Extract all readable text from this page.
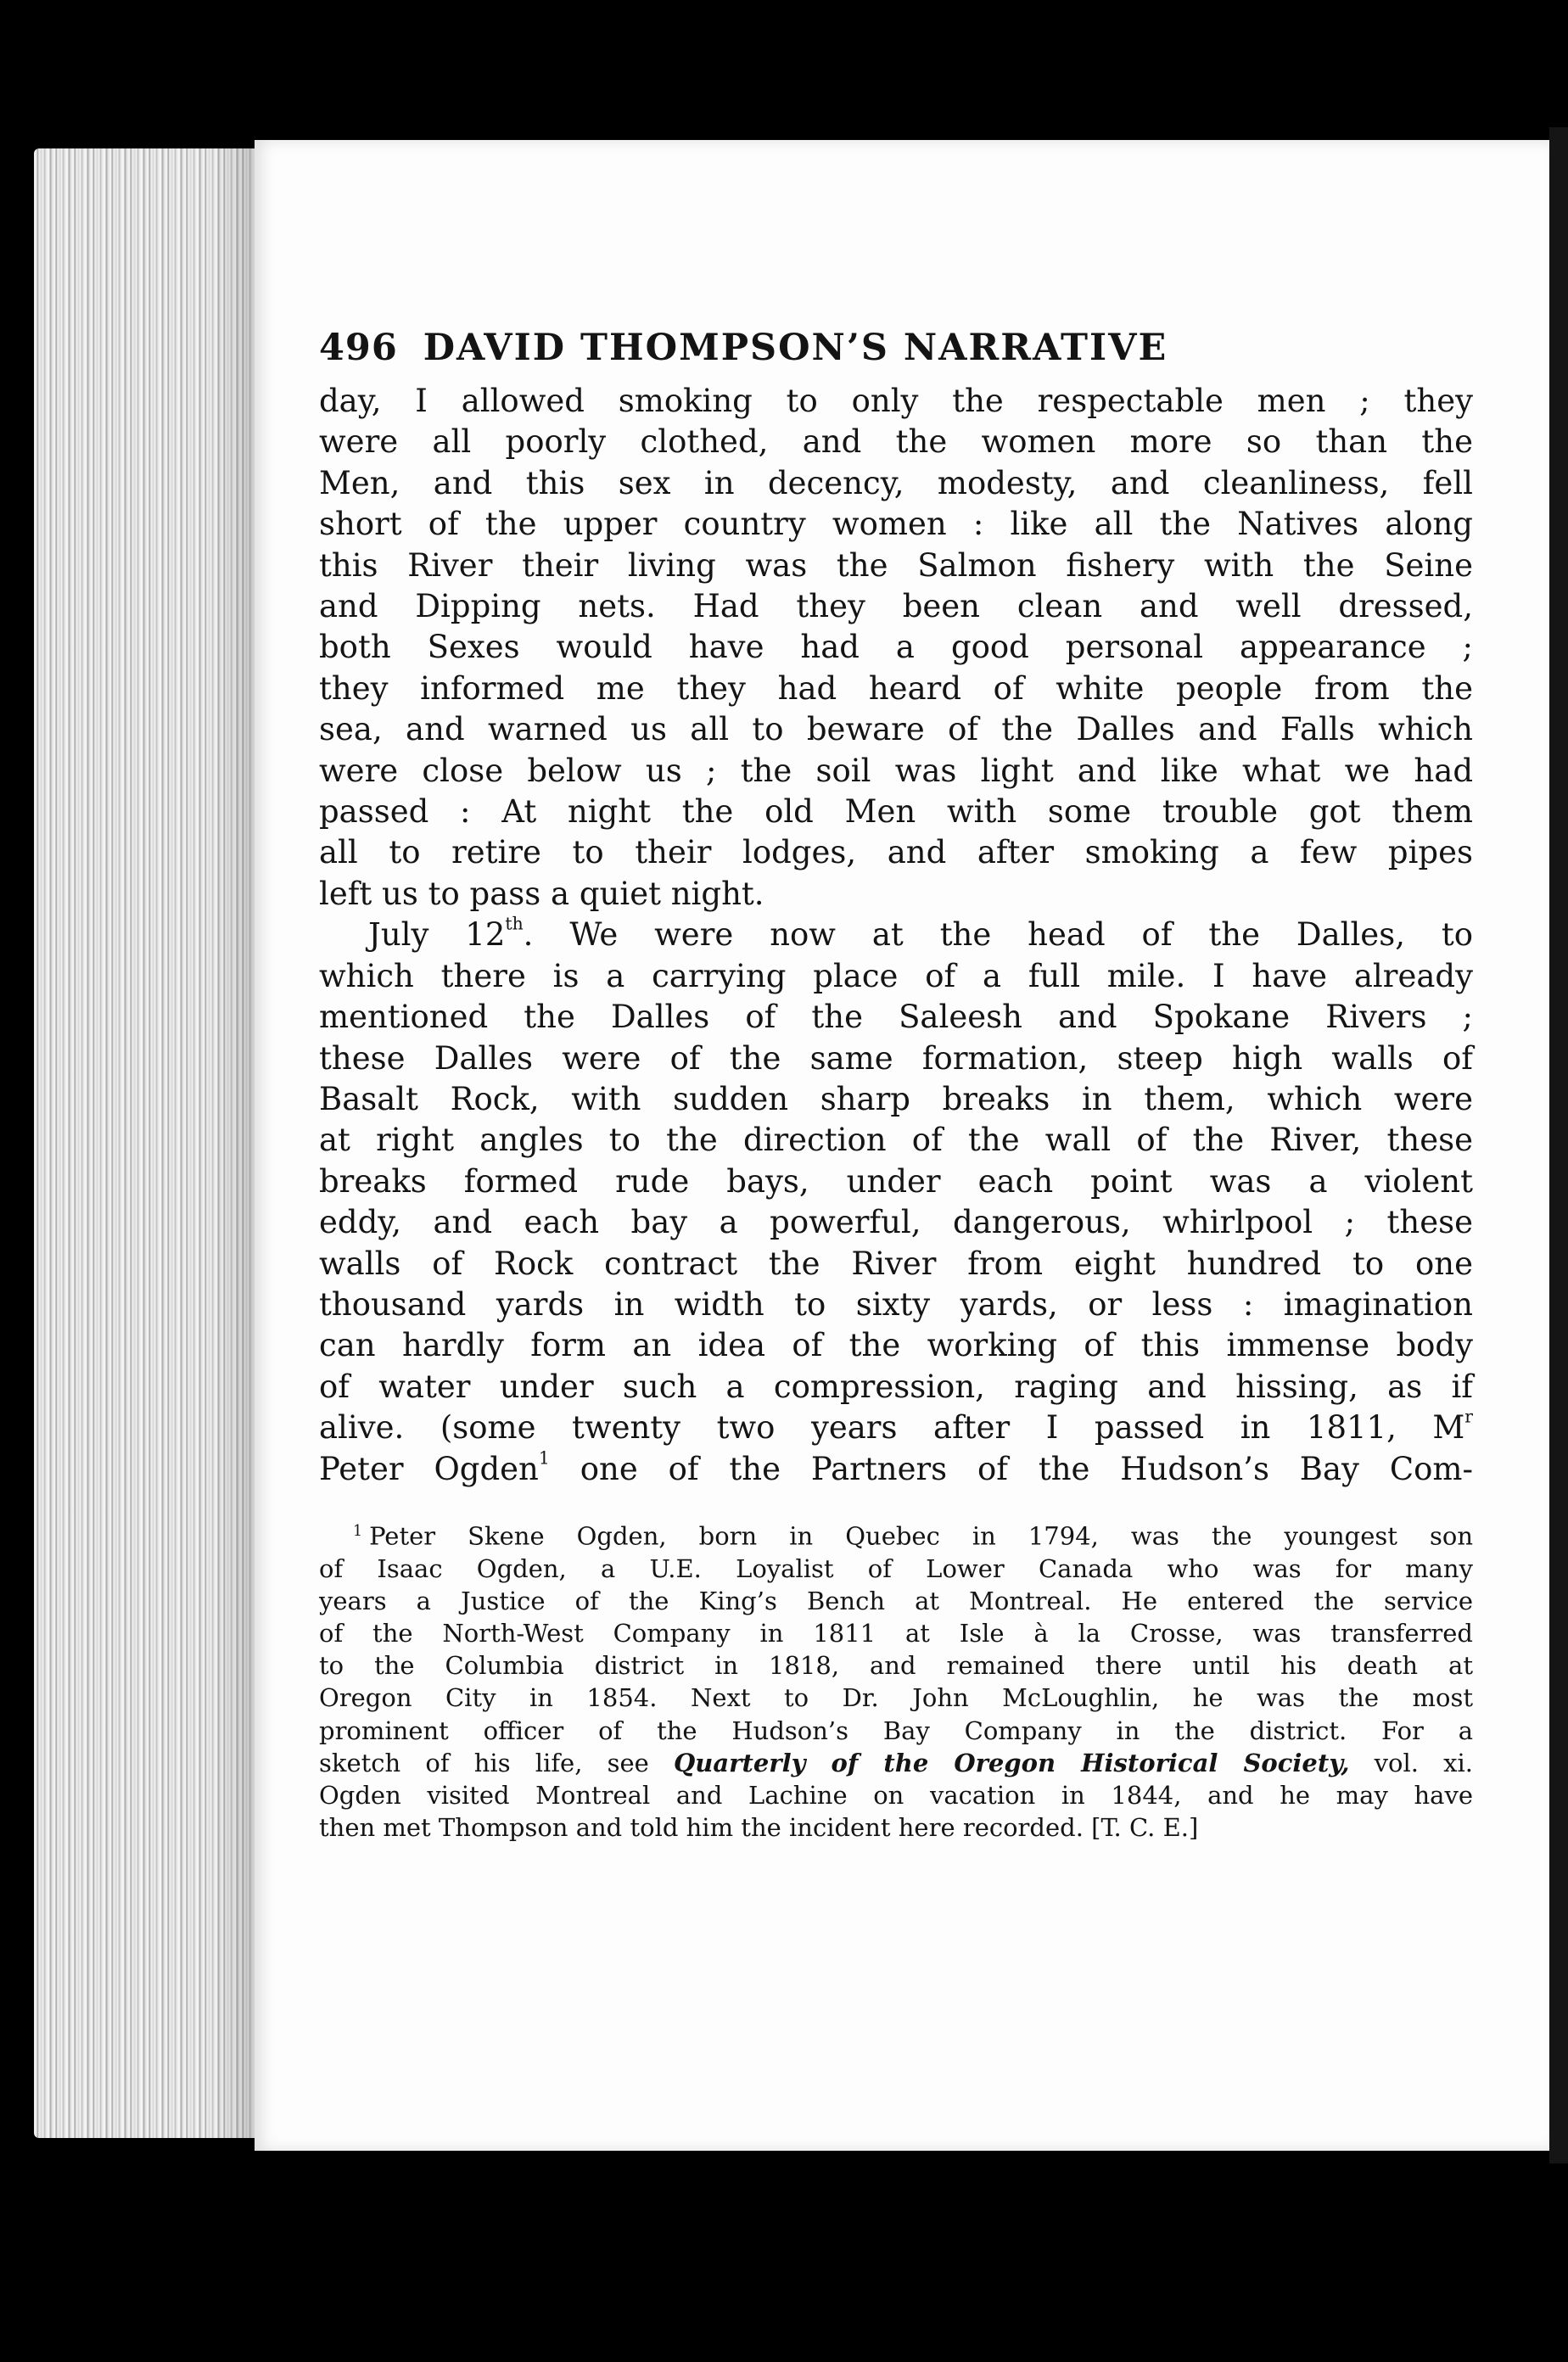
496 DAVID THOMPSON’S NARRATIVE

day, I allowed smoking to only the respectable men ; they
were all poorly clothed, and the women more so than the
Men, and this sex in decency, modesty, and cleanliness, fell
short of the upper country women : like all the Natives along
this River their living was the Salmon fishery with the Seine
and Dipping nets. Had they been clean and well dressed,
both Sexes would have had a good personal appearance ;
they informed me they had heard of white people from the
sea, and warned us all to beware of the Dalles and Falls which
were close below us ; the soil was light and like what we had
passed : At night the old Men with some trouble got them
all to retire to their lodges, and after smoking a few pipes
left us to pass a quiet night.

July 12th. We were now at the head of the Dalles, to
which there is a carrying place of a full mile. I have already
mentioned the Dalles of the Saleesh and Spokane Rivers ;
these Dalles were of the same formation, steep high walls of
Basalt Rock, with sudden sharp breaks in them, which were
at right angles to the direction of the wall of the River, these
breaks formed rude bays, under each point was a violent
eddy, and each bay a powerful, dangerous, whirlpool ; these
walls of Rock contract the River from eight hundred to one
thousand yards in width to sixty yards, or less : imagination
can hardly form an idea of the working of this immense body
of water under such a compression, raging and hissing, as if
alive. (some twenty two years after I passed in 1811, $M^r$
Peter Ogden$^1$ one of the Partners of the Hudson’s Bay Com-

$^1$ Peter Skene Ogden, born in Quebec in 1794, was the youngest son
of Isaac Ogden, a U.E. Loyalist of Lower Canada who was for many
years a Justice of the King’s Bench at Montreal. He entered the service
of the North-West Company in 1811 at Isle à la Crosse, was transferred
to the Columbia district in 1818, and remained there until his death at
Oregon City in 1854. Next to Dr. John McLoughlin, he was the most
prominent officer of the Hudson’s Bay Company in the district. For a
sketch of his life, see Quarterly of the Oregon Historical Society, vol. xi.
Ogden visited Montreal and Lachine on vacation in 1844, and he may have
then met Thompson and told him the incident here recorded. [T. C. E.]
